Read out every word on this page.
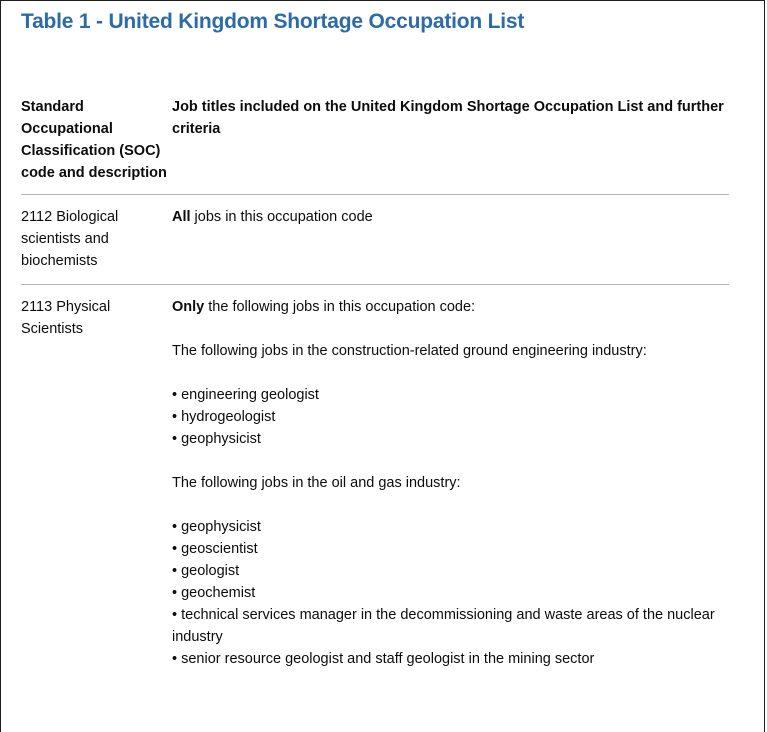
Table 1 - United Kingdom Shortage Occupation List
Standard Occupational Classification (SOC) code and description
Job titles included on the United Kingdom Shortage Occupation List and further criteria
2112 Biological scientists and biochemists
All jobs in this occupation code
2113 Physical Scientists

Only the following jobs in this occupation code:

The following jobs in the construction-related ground engineering industry:

• engineering geologist
• hydrogeologist
• geophysicist

The following jobs in the oil and gas industry:

• geophysicist
• geoscientist
• geologist
• geochemist
• technical services manager in the decommissioning and waste areas of the nuclear industry
• senior resource geologist and staff geologist in the mining sector
